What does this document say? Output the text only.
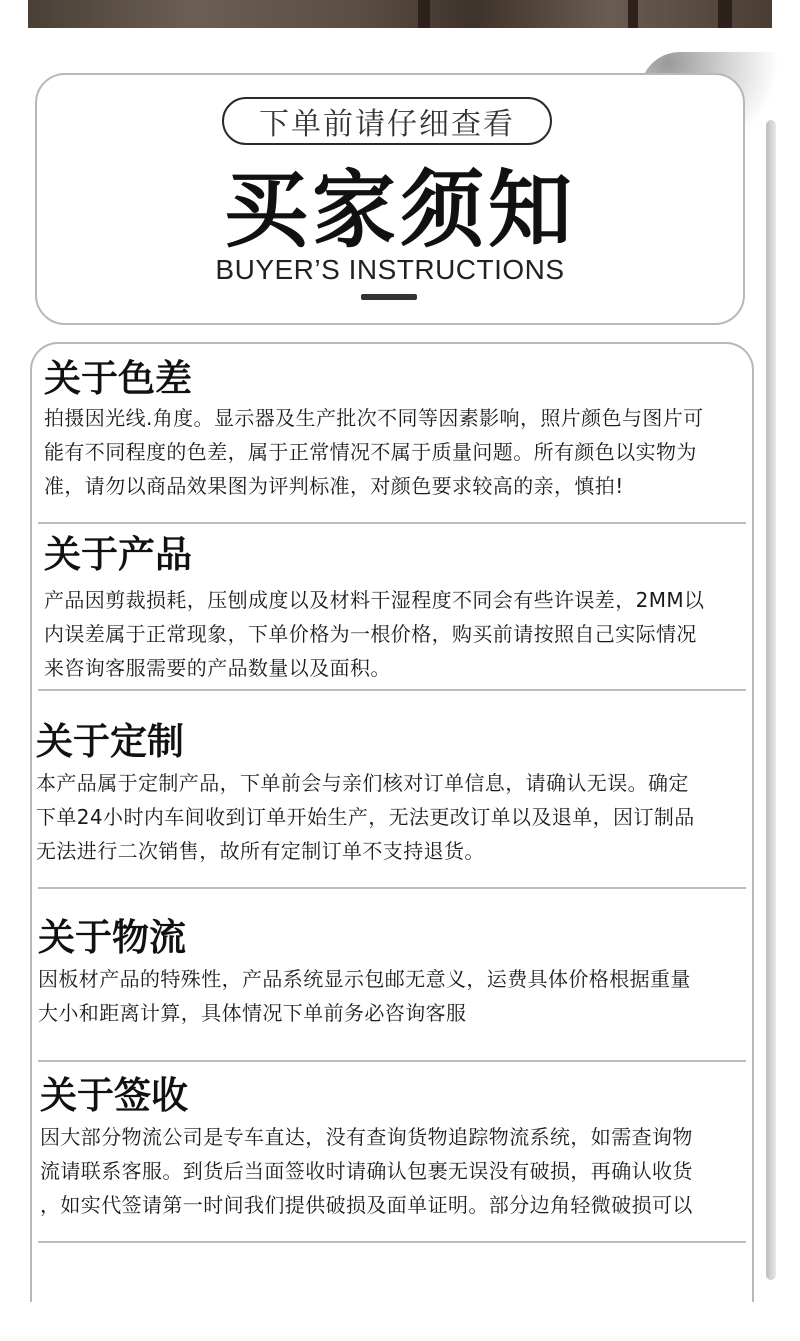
下单前请仔细查看
买家须知
BUYER’S INSTRUCTIONS
关于色差

拍摄因光线.角度。显示器及生产批次不同等因素影响，照片颜色与图片可
能有不同程度的色差，属于正常情况不属于质量问题。所有颜色以实物为
准，请勿以商品效果图为评判标准，对颜色要求较高的亲，慎拍!

关于产品

产品因剪裁损耗，压刨成度以及材料干湿程度不同会有些许误差，2MM以
内误差属于正常现象，下单价格为一根价格，购买前请按照自己实际情况
来咨询客服需要的产品数量以及面积。

关于定制

本产品属于定制产品，下单前会与亲们核对订单信息，请确认无误。确定
下单24小时内车间收到订单开始生产，无法更改订单以及退单，因订制品
无法进行二次销售，故所有定制订单不支持退货。

关于物流

因板材产品的特殊性，产品系统显示包邮无意义，运费具体价格根据重量
大小和距离计算，具体情况下单前务必咨询客服

关于签收

因大部分物流公司是专车直达，没有查询货物追踪物流系统，如需查询物
流请联系客服。到货后当面签收时请确认包裹无误没有破损，再确认收货
，如实代签请第一时间我们提供破损及面单证明。部分边角轻微破损可以
